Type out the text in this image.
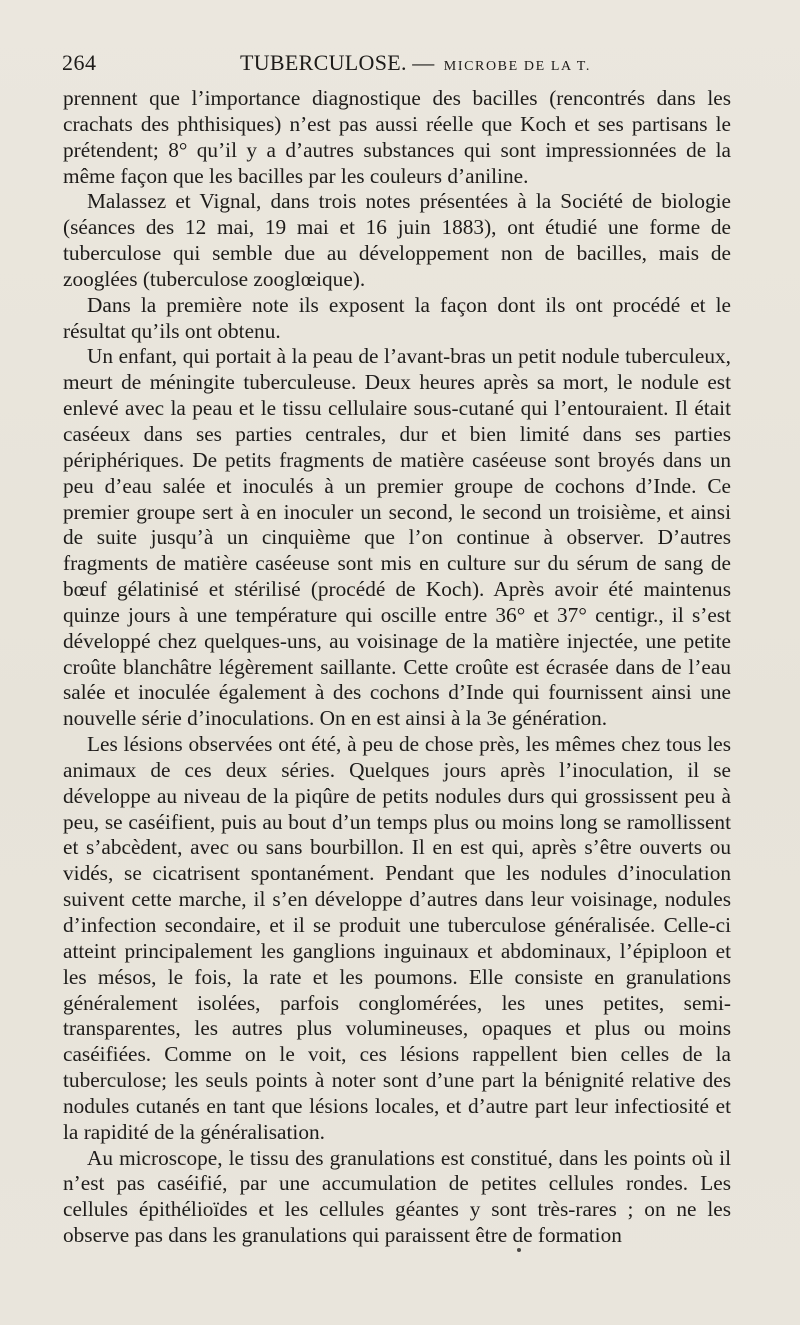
264	TUBERCULOSE. — MICROBE DE LA T.

prennent que l’importance diagnostique des bacilles (rencontrés dans les crachats des phthisiques) n’est pas aussi réelle que Koch et ses partisans le prétendent; 8° qu’il y a d’autres substances qui sont impressionnées de la même façon que les bacilles par les couleurs d’aniline.

Malassez et Vignal, dans trois notes présentées à la Société de biologie (séances des 12 mai, 19 mai et 16 juin 1883), ont étudié une forme de tuberculose qui semble due au développement non de bacilles, mais de zooglées (tuberculose zooglœique).

Dans la première note ils exposent la façon dont ils ont procédé et le résultat qu’ils ont obtenu.

Un enfant, qui portait à la peau de l’avant-bras un petit nodule tuberculeux, meurt de méningite tuberculeuse. Deux heures après sa mort, le nodule est enlevé avec la peau et le tissu cellulaire sous-cutané qui l’entouraient. Il était caséeux dans ses parties centrales, dur et bien limité dans ses parties périphériques. De petits fragments de matière caséeuse sont broyés dans un peu d’eau salée et inoculés à un premier groupe de cochons d’Inde. Ce premier groupe sert à en inoculer un second, le second un troisième, et ainsi de suite jusqu’à un cinquième que l’on continue à observer. D’autres fragments de matière caséeuse sont mis en culture sur du sérum de sang de bœuf gélatinisé et stérilisé (procédé de Koch). Après avoir été maintenus quinze jours à une température qui oscille entre 36° et 37° centigr., il s’est développé chez quelques-uns, au voisinage de la matière injectée, une petite croûte blanchâtre légèrement saillante. Cette croûte est écrasée dans de l’eau salée et inoculée également à des cochons d’Inde qui fournissent ainsi une nouvelle série d’inoculations. On en est ainsi à la 3e génération.

Les lésions observées ont été, à peu de chose près, les mêmes chez tous les animaux de ces deux séries. Quelques jours après l’inoculation, il se développe au niveau de la piqûre de petits nodules durs qui grossissent peu à peu, se caséifient, puis au bout d’un temps plus ou moins long se ramollissent et s’abcèdent, avec ou sans bourbillon. Il en est qui, après s’être ouverts ou vidés, se cicatrisent spontanément. Pendant que les nodules d’inoculation suivent cette marche, il s’en développe d’autres dans leur voisinage, nodules d’infection secondaire, et il se produit une tuberculose généralisée. Celle-ci atteint principalement les ganglions inguinaux et abdominaux, l’épiploon et les mésos, le fois, la rate et les poumons. Elle consiste en granulations généralement isolées, parfois conglomérées, les unes petites, semi-transparentes, les autres plus volumineuses, opaques et plus ou moins caséifiées. Comme on le voit, ces lésions rappellent bien celles de la tuberculose; les seuls points à noter sont d’une part la bénignité relative des nodules cutanés en tant que lésions locales, et d’autre part leur infectiosité et la rapidité de la généralisation.

Au microscope, le tissu des granulations est constitué, dans les points où il n’est pas caséifié, par une accumulation de petites cellules rondes. Les cellules épithélioïdes et les cellules géantes y sont très-rares ; on ne les observe pas dans les granulations qui paraissent être de formation
